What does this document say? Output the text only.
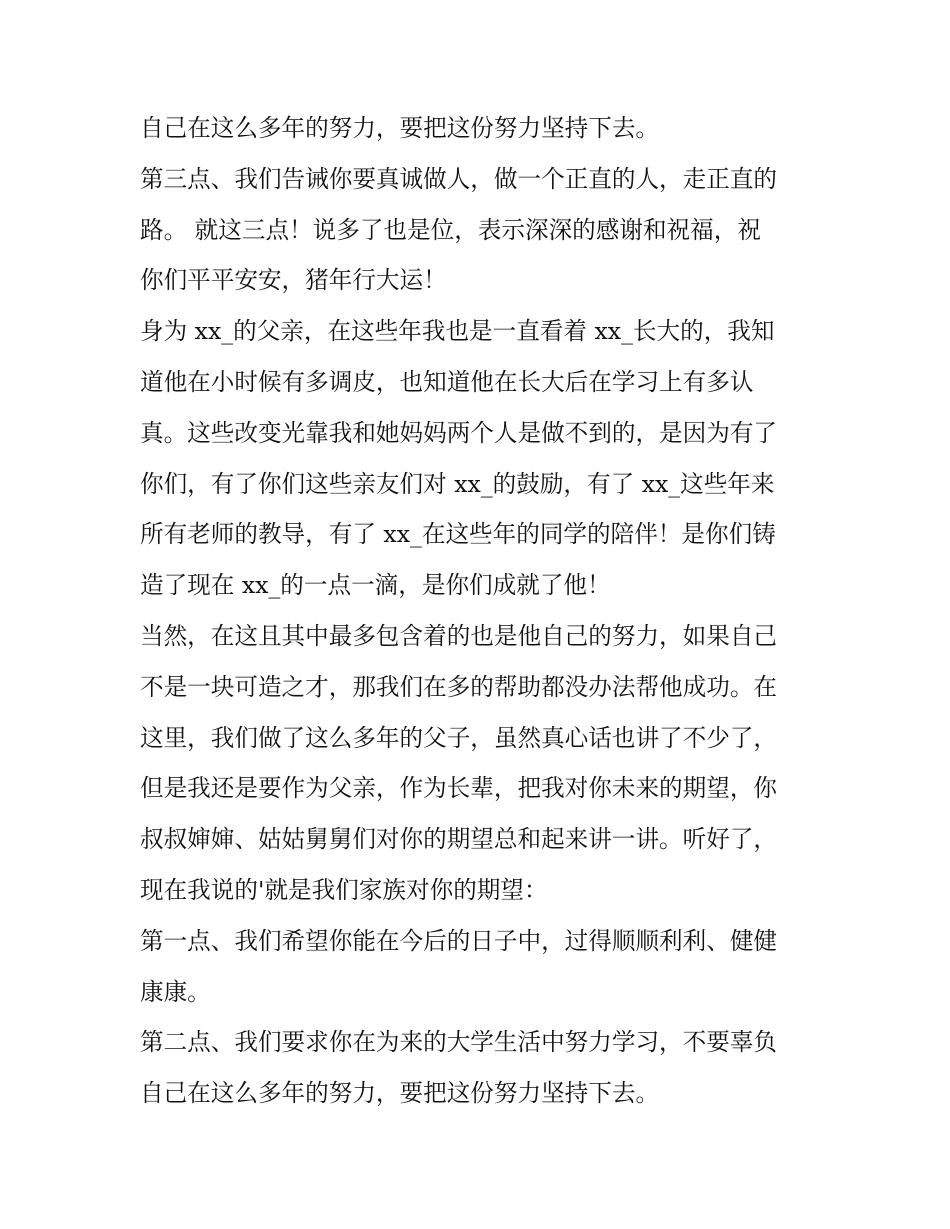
自己在这么多年的努力，要把这份努力坚持下去。
第三点、我们告诫你要真诚做人，做一个正直的人，走正直的
路。 就这三点！说多了也是位，表示深深的感谢和祝福，祝
你们平平安安，猪年行大运！
身为 xx_的父亲，在这些年我也是一直看着 xx_长大的，我知
道他在小时候有多调皮，也知道他在长大后在学习上有多认
真。这些改变光靠我和她妈妈两个人是做不到的，是因为有了
你们，有了你们这些亲友们对 xx_的鼓励，有了 xx_这些年来
所有老师的教导，有了 xx_在这些年的同学的陪伴！是你们铸
造了现在 xx_的一点一滴，是你们成就了他！
当然，在这且其中最多包含着的也是他自己的努力，如果自己
不是一块可造之才，那我们在多的帮助都没办法帮他成功。在
这里，我们做了这么多年的父子，虽然真心话也讲了不少了，
但是我还是要作为父亲，作为长辈，把我对你未来的期望，你
叔叔婶婶、姑姑舅舅们对你的期望总和起来讲一讲。听好了，
现在我说的'就是我们家族对你的期望：
第一点、我们希望你能在今后的日子中，过得顺顺利利、健健
康康。
第二点、我们要求你在为来的大学生活中努力学习，不要辜负
自己在这么多年的努力，要把这份努力坚持下去。
